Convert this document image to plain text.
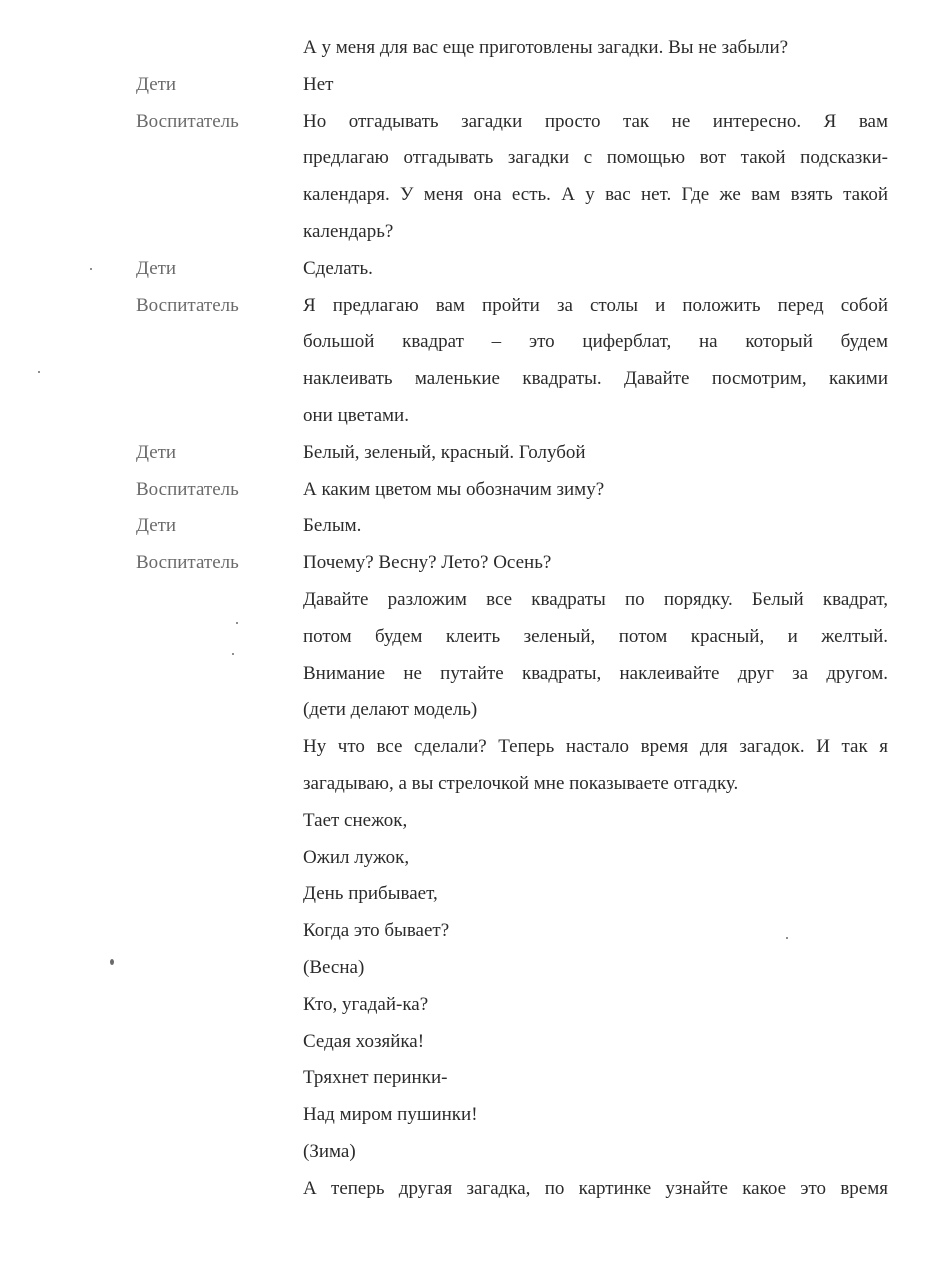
Дети
Воспитатель
Дети
Воспитатель
Дети
Воспитатель
Дети
Воспитатель
А у меня для вас еще приготовлены загадки. Вы не забыли?
Нет
Но отгадывать загадки просто так не интересно. Я вам
предлагаю отгадывать загадки с помощью вот такой подсказки-
календаря. У меня она есть. А у вас нет. Где же вам взять такой
календарь?
Сделать.
Я предлагаю вам пройти за столы и положить перед собой
большой квадрат – это циферблат, на который будем
наклеивать маленькие квадраты. Давайте посмотрим, какими
они цветами.
Белый, зеленый, красный. Голубой
А каким цветом мы обозначим зиму?
Белым.
Почему? Весну? Лето? Осень?
Давайте разложим все квадраты по порядку. Белый квадрат,
потом будем клеить зеленый, потом красный, и желтый.
Внимание не путайте квадраты, наклеивайте друг за другом.
(дети делают модель)
Ну что все сделали? Теперь настало время для загадок. И так я
загадываю, а вы стрелочкой мне показываете отгадку.
Тает снежок,
Ожил лужок,
День прибывает,
Когда это бывает?
(Весна)
Кто, угадай-ка?
Седая хозяйка!
Тряхнет перинки-
Над миром пушинки!
(Зима)
А теперь другая загадка, по картинке узнайте какое это время
